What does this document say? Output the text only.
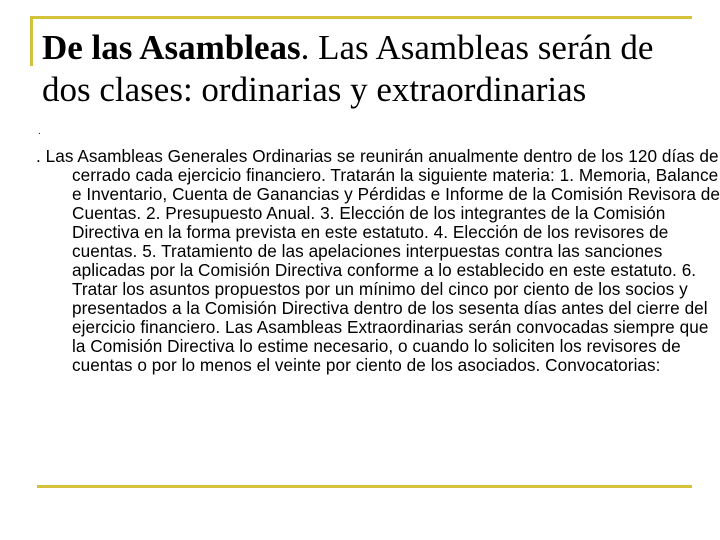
De las Asambleas. Las Asambleas serán de dos clases: ordinarias y extraordinarias
.
. Las Asambleas Generales Ordinarias se reunirán anualmente dentro de los 120 días de cerrado cada ejercicio financiero. Tratarán la siguiente materia: 1. Memoria, Balance e Inventario, Cuenta de Ganancias y Pérdidas e Informe de la Comisión Revisora de Cuentas. 2. Presupuesto Anual. 3. Elección de los integrantes de la Comisión Directiva en la forma prevista en este estatuto. 4. Elección de los revisores de cuentas. 5. Tratamiento de las apelaciones interpuestas contra las sanciones aplicadas por la Comisión Directiva conforme a lo establecido en este estatuto. 6. Tratar los asuntos propuestos por un mínimo del cinco por ciento de los socios y presentados a la Comisión Directiva dentro de los sesenta días antes del cierre del ejercicio financiero. Las Asambleas Extraordinarias serán convocadas siempre que la Comisión Directiva lo estime necesario, o cuando lo soliciten los revisores de cuentas o por lo menos el veinte por ciento de los asociados. Convocatorias:
